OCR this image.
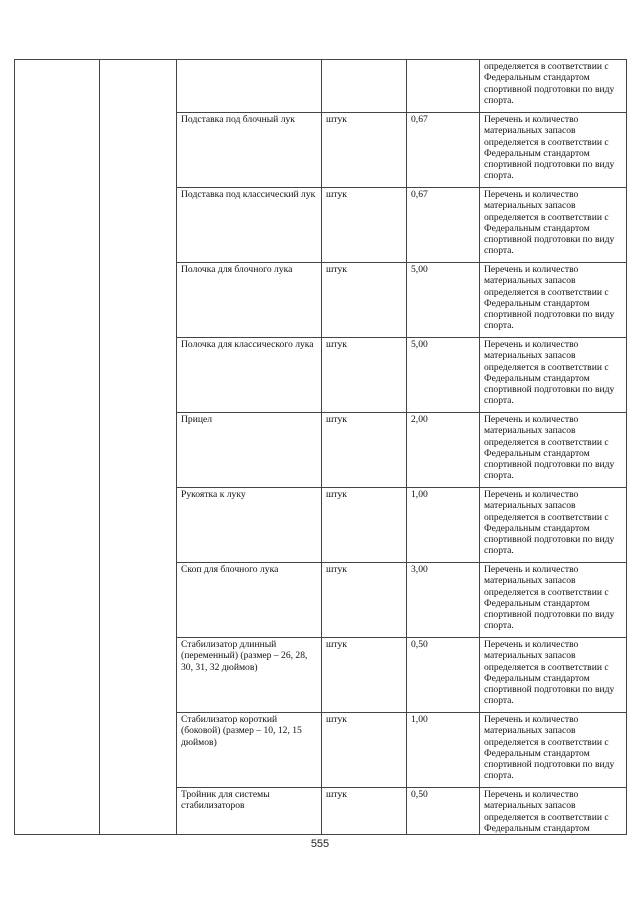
					определяется в соответствии с Федеральным стандартом спортивной подготовки по виду спорта.
		Подставка под блочный лук	штук	0,67	Перечень и количество материальных запасов определяется в соответствии с Федеральным стандартом спортивной подготовки по виду спорта.
		Подставка под классический лук	штук	0,67	Перечень и количество материальных запасов определяется в соответствии с Федеральным стандартом спортивной подготовки по виду спорта.
		Полочка для блочного лука	штук	5,00	Перечень и количество материальных запасов определяется в соответствии с Федеральным стандартом спортивной подготовки по виду спорта.
		Полочка для классического лука	штук	5,00	Перечень и количество материальных запасов определяется в соответствии с Федеральным стандартом спортивной подготовки по виду спорта.
		Прицел	штук	2,00	Перечень и количество материальных запасов определяется в соответствии с Федеральным стандартом спортивной подготовки по виду спорта.
		Рукоятка к луку	штук	1,00	Перечень и количество материальных запасов определяется в соответствии с Федеральным стандартом спортивной подготовки по виду спорта.
		Скоп для блочного лука	штук	3,00	Перечень и количество материальных запасов определяется в соответствии с Федеральным стандартом спортивной подготовки по виду спорта.
		Стабилизатор длинный (переменный) (размер – 26, 28, 30, 31, 32 дюймов)	штук	0,50	Перечень и количество материальных запасов определяется в соответствии с Федеральным стандартом спортивной подготовки по виду спорта.
		Стабилизатор короткий (боковой) (размер – 10, 12, 15 дюймов)	штук	1,00	Перечень и количество материальных запасов определяется в соответствии с Федеральным стандартом спортивной подготовки по виду спорта.
		Тройник для системы стабилизаторов	штук	0,50	Перечень и количество материальных запасов определяется в соответствии с Федеральным стандартом
555
